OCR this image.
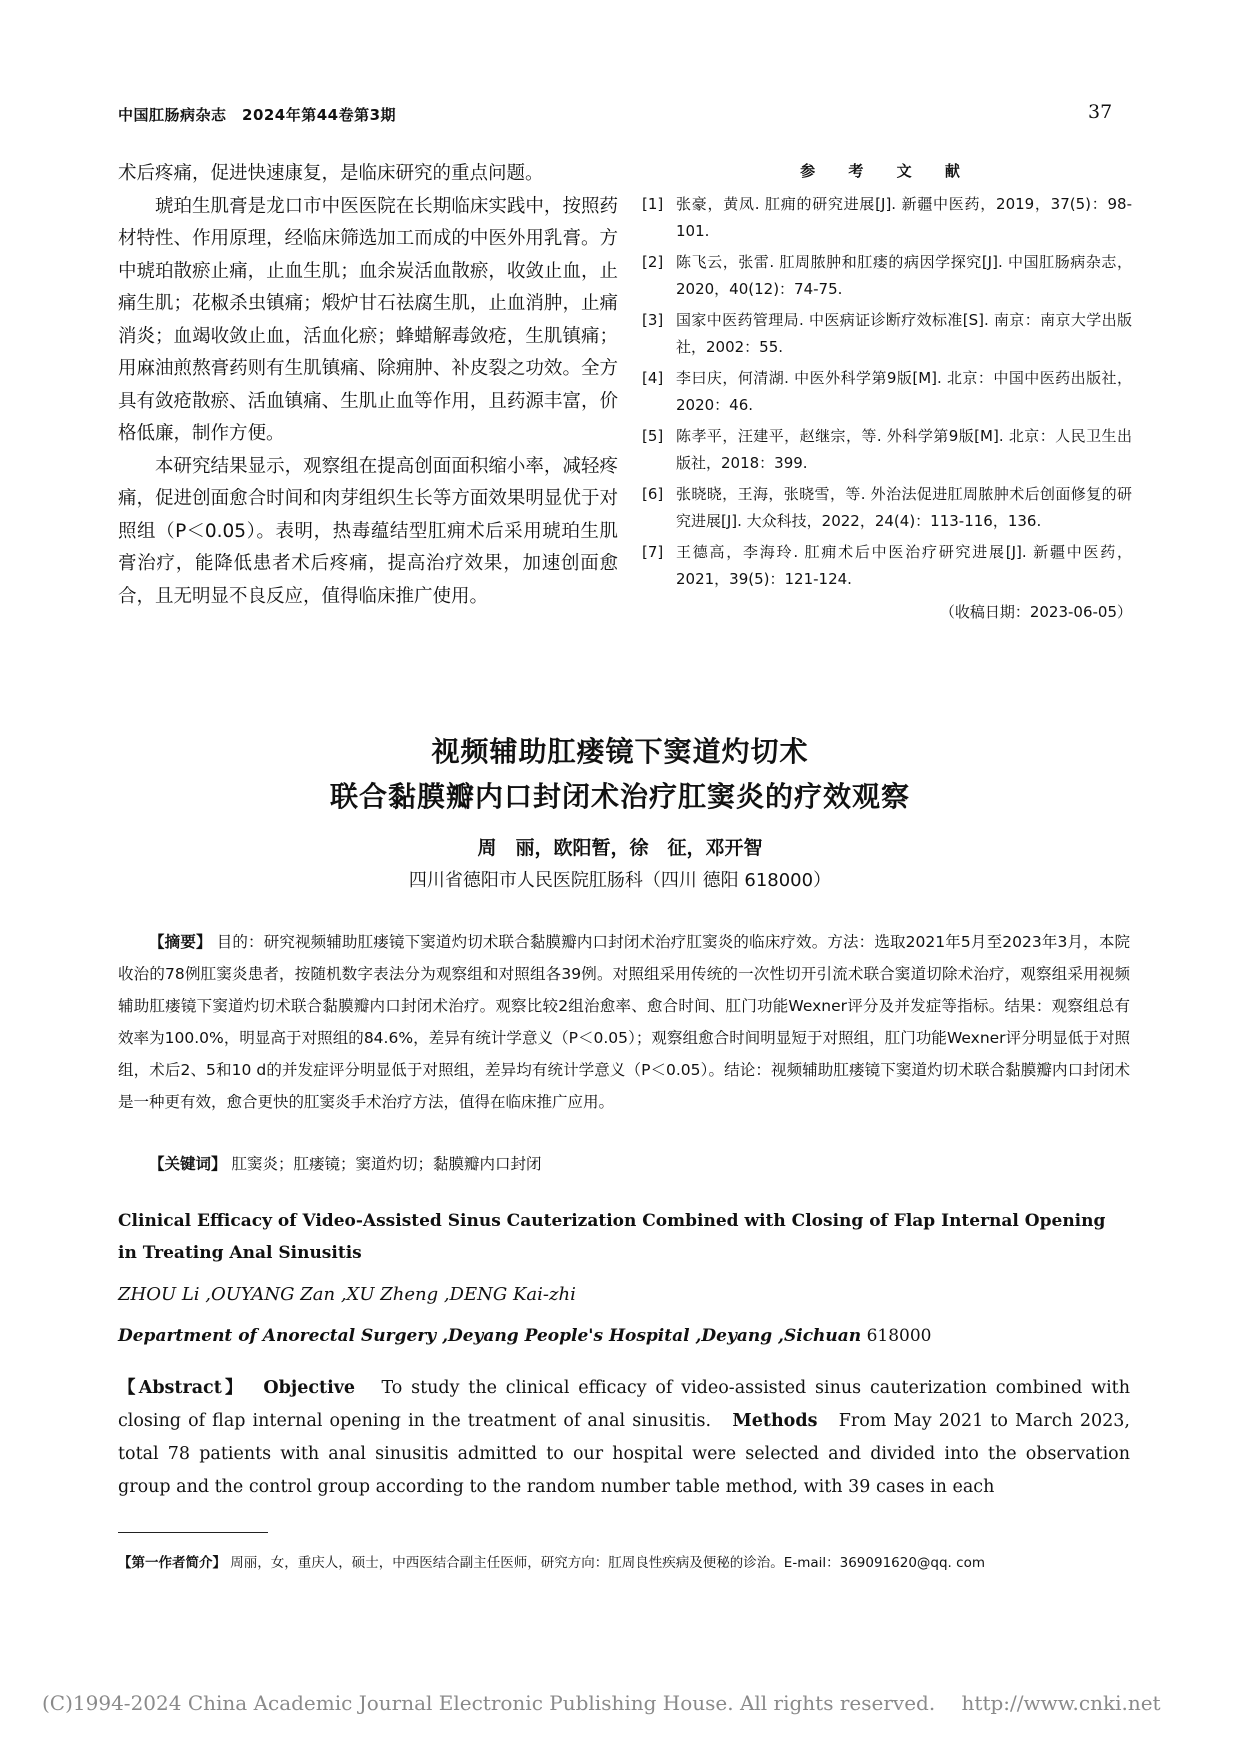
中国肛肠病杂志　2024年第44卷第3期	37

术后疼痛，促进快速康复，是临床研究的重点问题。

琥珀生肌膏是龙口市中医医院在长期临床实践中，按照药材特性、作用原理，经临床筛选加工而成的中医外用乳膏。方中琥珀散瘀止痛，止血生肌；血余炭活血散瘀，收敛止血，止痛生肌；花椒杀虫镇痛；煅炉甘石祛腐生肌，止血消肿，止痛消炎；血竭收敛止血，活血化瘀；蜂蜡解毒敛疮，生肌镇痛；用麻油煎熬膏药则有生肌镇痛、除痈肿、补皮裂之功效。全方具有敛疮散瘀、活血镇痛、生肌止血等作用，且药源丰富，价格低廉，制作方便。

本研究结果显示，观察组在提高创面面积缩小率，减轻疼痛，促进创面愈合时间和肉芽组织生长等方面效果明显优于对照组（P＜0.05）。表明，热毒蕴结型肛痈术后采用琥珀生肌膏治疗，能降低患者术后疼痛，提高治疗效果，加速创面愈合，且无明显不良反应，值得临床推广使用。

参 考 文 献
[1] 张豪，黄凤. 肛痈的研究进展[J]. 新疆中医药，2019，37(5)：98-101.
[2] 陈飞云，张雷. 肛周脓肿和肛瘘的病因学探究[J]. 中国肛肠病杂志，2020，40(12)：74-75.
[3] 国家中医药管理局. 中医病证诊断疗效标准[S]. 南京：南京大学出版社，2002：55.
[4] 李曰庆，何清湖. 中医外科学第9版[M]. 北京：中国中医药出版社，2020：46.
[5] 陈孝平，汪建平，赵继宗，等. 外科学第9版[M]. 北京：人民卫生出版社，2018：399.
[6] 张晓晓，王海，张晓雪，等. 外治法促进肛周脓肿术后创面修复的研究进展[J]. 大众科技，2022，24(4)：113-116，136.
[7] 王德高，李海玲. 肛痈术后中医治疗研究进展[J]. 新疆中医药，2021，39(5)：121-124.
（收稿日期：2023-06-05）
视频辅助肛瘘镜下窦道灼切术
联合黏膜瓣内口封闭术治疗肛窦炎的疗效观察
周　丽，欧阳暂，徐　征，邓开智
四川省德阳市人民医院肛肠科（四川 德阳 618000）
【摘要】 目的：研究视频辅助肛瘘镜下窦道灼切术联合黏膜瓣内口封闭术治疗肛窦炎的临床疗效。方法：选取2021年5月至2023年3月，本院收治的78例肛窦炎患者，按随机数字表法分为观察组和对照组各39例。对照组采用传统的一次性切开引流术联合窦道切除术治疗，观察组采用视频辅助肛瘘镜下窦道灼切术联合黏膜瓣内口封闭术治疗。观察比较2组治愈率、愈合时间、肛门功能Wexner评分及并发症等指标。结果：观察组总有效率为100.0%，明显高于对照组的84.6%，差异有统计学意义（P＜0.05）；观察组愈合时间明显短于对照组，肛门功能Wexner评分明显低于对照组，术后2、5和10 d的并发症评分明显低于对照组，差异均有统计学意义（P＜0.05）。结论：视频辅助肛瘘镜下窦道灼切术联合黏膜瓣内口封闭术是一种更有效，愈合更快的肛窦炎手术治疗方法，值得在临床推广应用。
【关键词】 肛窦炎；肛瘘镜；窦道灼切；黏膜瓣内口封闭
Clinical Efficacy of Video-Assisted Sinus Cauterization Combined with Closing of Flap Internal Opening in Treating Anal Sinusitis
ZHOU Li ,OUYANG Zan ,XU Zheng ,DENG Kai-zhi
Department of Anorectal Surgery ,Deyang People's Hospital ,Deyang ,Sichuan 618000
【Abstract】 Objective To study the clinical efficacy of video-assisted sinus cauterization combined with closing of flap internal opening in the treatment of anal sinusitis. Methods From May 2021 to March 2023, total 78 patients with anal sinusitis admitted to our hospital were selected and divided into the observation group and the control group according to the random number table method, with 39 cases in each
【第一作者简介】 周丽，女，重庆人，硕士，中西医结合副主任医师，研究方向：肛周良性疾病及便秘的诊治。E-mail：369091620@qq. com
(C)1994-2024 China Academic Journal Electronic Publishing House. All rights reserved.　 http://www.cnki.net
